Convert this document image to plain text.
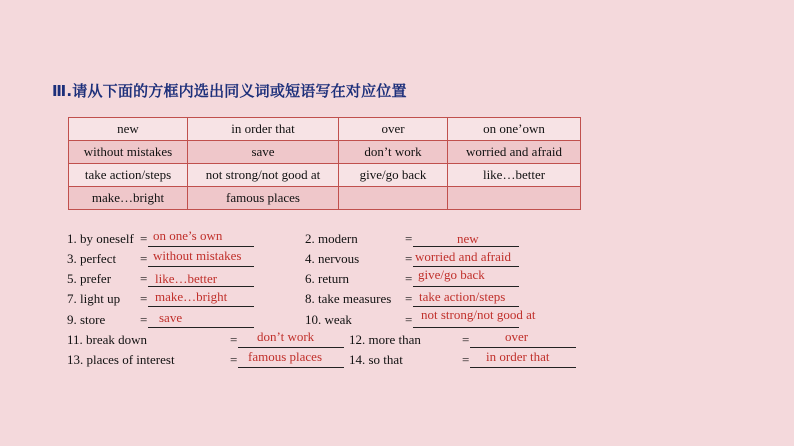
Ⅲ.请从下面的方框内选出同义词或短语写在对应位置
new	in order that	over	on one’own
without mistakes	save	don’t work	worried and afraid
take action/steps	not strong/not good at	give/go back	like…better
make…bright	famous places		
1. by oneself = on one’s own
3. perfect = without mistakes
5. prefer = like…better
7. light up = make…bright
9. store	= save
11. break down	= don’t work
13. places of interest	= famous places
2. modern	=	new
4. nervous	= worried and afraid
6. return	= give/go back
8. take measures = take action/steps
10. weak	= not strong/not good at
12. more than	=	over
14. so that	= in order that
